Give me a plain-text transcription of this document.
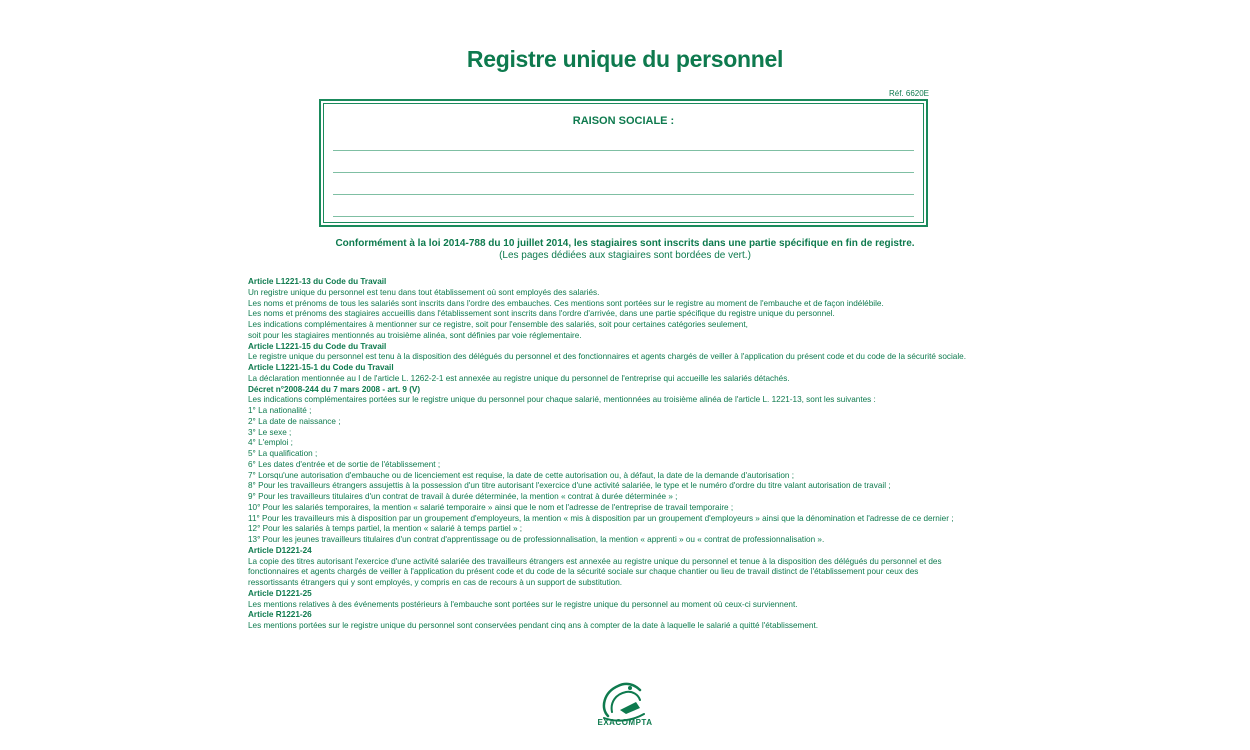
Registre unique du personnel
Réf. 6620E
RAISON SOCIALE :
Conformément à la loi 2014-788 du 10 juillet 2014, les stagiaires sont inscrits dans une partie spécifique en fin de registre.
(Les pages dédiées aux stagiaires sont bordées de vert.)
Article L1221-13 du Code du Travail
Un registre unique du personnel est tenu dans tout établissement où sont employés des salariés.
Les noms et prénoms de tous les salariés sont inscrits dans l'ordre des embauches. Ces mentions sont portées sur le registre au moment de l'embauche et de façon indélébile.
Les noms et prénoms des stagiaires accueillis dans l'établissement sont inscrits dans l'ordre d'arrivée, dans une partie spécifique du registre unique du personnel.
Les indications complémentaires à mentionner sur ce registre, soit pour l'ensemble des salariés, soit pour certaines catégories seulement,
soit pour les stagiaires mentionnés au troisième alinéa, sont définies par voie réglementaire.
Article L1221-15 du Code du Travail
Le registre unique du personnel est tenu à la disposition des délégués du personnel et des fonctionnaires et agents chargés de veiller à l'application du présent code et du code de la sécurité sociale.
Article L1221-15-1 du Code du Travail
La déclaration mentionnée au I de l'article L. 1262-2-1 est annexée au registre unique du personnel de l'entreprise qui accueille les salariés détachés.
Décret n°2008-244 du 7 mars 2008 - art. 9 (V)
Les indications complémentaires portées sur le registre unique du personnel pour chaque salarié, mentionnées au troisième alinéa de l'article L. 1221-13, sont les suivantes :
1° La nationalité ;
2° La date de naissance ;
3° Le sexe ;
4° L'emploi ;
5° La qualification ;
6° Les dates d'entrée et de sortie de l'établissement ;
7° Lorsqu'une autorisation d'embauche ou de licenciement est requise, la date de cette autorisation ou, à défaut, la date de la demande d'autorisation ;
8° Pour les travailleurs étrangers assujettis à la possession d'un titre autorisant l'exercice d'une activité salariée, le type et le numéro d'ordre du titre valant autorisation de travail ;
9° Pour les travailleurs titulaires d'un contrat de travail à durée déterminée, la mention « contrat à durée déterminée » ;
10° Pour les salariés temporaires, la mention « salarié temporaire » ainsi que le nom et l'adresse de l'entreprise de travail temporaire ;
11° Pour les travailleurs mis à disposition par un groupement d'employeurs, la mention « mis à disposition par un groupement d'employeurs » ainsi que la dénomination et l'adresse de ce dernier ;
12° Pour les salariés à temps partiel, la mention « salarié à temps partiel » ;
13° Pour les jeunes travailleurs titulaires d'un contrat d'apprentissage ou de professionnalisation, la mention « apprenti » ou « contrat de professionnalisation ».
Article D1221-24
La copie des titres autorisant l'exercice d'une activité salariée des travailleurs étrangers est annexée au registre unique du personnel et tenue à la disposition des délégués du personnel et des
fonctionnaires et agents chargés de veiller à l'application du présent code et du code de la sécurité sociale sur chaque chantier ou lieu de travail distinct de l'établissement pour ceux des
ressortissants étrangers qui y sont employés, y compris en cas de recours à un support de substitution.
Article D1221-25
Les mentions relatives à des événements postérieurs à l'embauche sont portées sur le registre unique du personnel au moment où ceux-ci surviennent.
Article R1221-26
Les mentions portées sur le registre unique du personnel sont conservées pendant cinq ans à compter de la date à laquelle le salarié a quitté l'établissement.
EXACOMPTA
